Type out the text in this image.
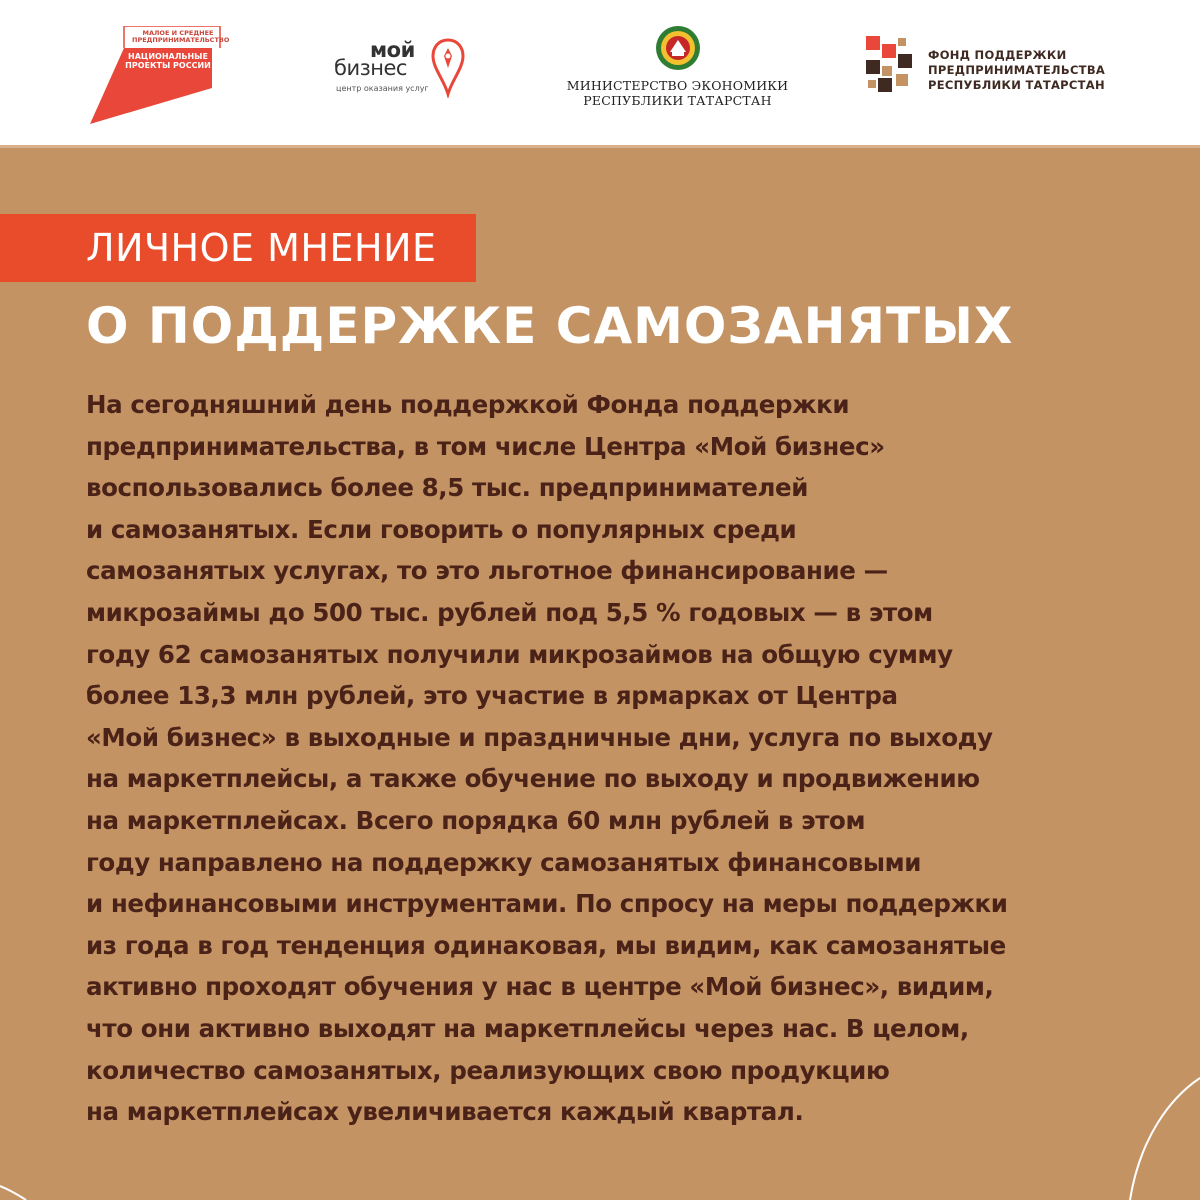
МАЛОЕ И СРЕДНЕЕ ПРЕДПРИНИМАТЕЛЬСТВО
НАЦИОНАЛЬНЫЕ ПРОЕКТЫ РОССИИ
мой
бизнес
центр оказания услуг	МИНИСТЕРСТВО ЭКОНОМИКИ
РЕСПУБЛИКИ ТАТАРСТАН
ФОНД ПОДДЕРЖКИ
ПРЕДПРИНИМАТЕЛЬСТВА
РЕСПУБЛИКИ ТАТАРСТАН
ЛИЧНОЕ МНЕНИЕ
О ПОДДЕРЖКЕ САМОЗАНЯТЫХ
На сегодняшний день поддержкой Фонда поддержки
предпринимательства, в том числе Центра «Мой бизнес»
воспользовались более 8,5 тыс. предпринимателей
и самозанятых. Если говорить о популярных среди
самозанятых услугах, то это льготное финансирование —
микрозаймы до 500 тыс. рублей под 5,5 % годовых — в этом
году 62 самозанятых получили микрозаймов на общую сумму
более 13,3 млн рублей, это участие в ярмарках от Центра
«Мой бизнес» в выходные и праздничные дни, услуга по выходу
на маркетплейсы, а также обучение по выходу и продвижению
на маркетплейсах. Всего порядка 60 млн рублей в этом
году направлено на поддержку самозанятых финансовыми
и нефинансовыми инструментами. По спросу на меры поддержки
из года в год тенденция одинаковая, мы видим, как самозанятые
активно проходят обучения у нас в центре «Мой бизнес», видим,
что они активно выходят на маркетплейсы через нас. В целом,
количество самозанятых, реализующих свою продукцию
на маркетплейсах увеличивается каждый квартал.
